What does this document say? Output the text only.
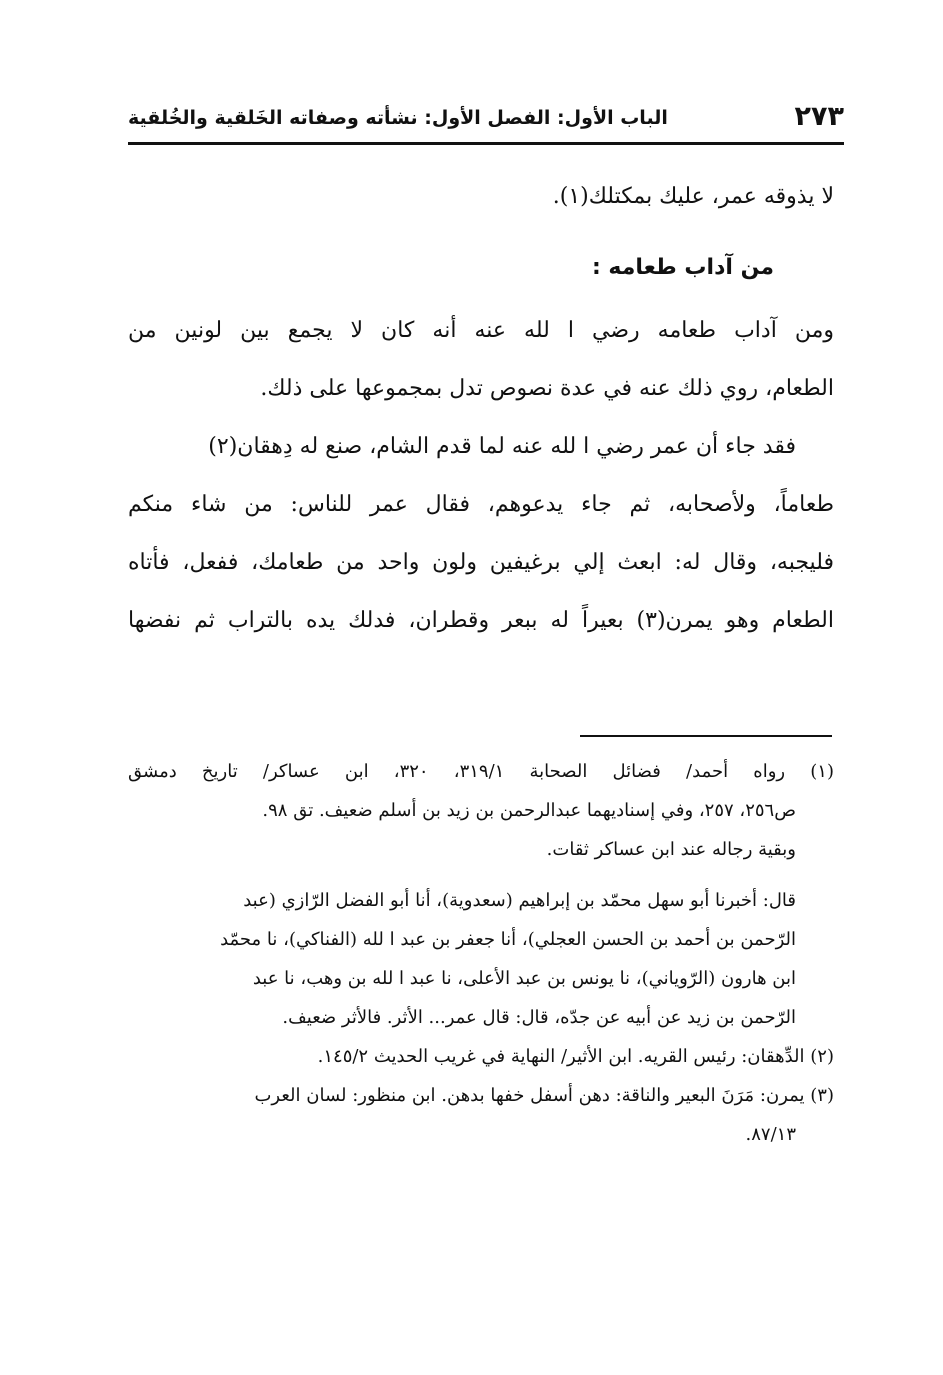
٢٧٣
الباب الأول: الفصل الأول: نشأته وصفاته الخَلقية والخُلقية

لا يذوقه عمر، عليك بمكتلك(١).

من آداب طعامه :

ومن آداب طعامه رضي ا لله عنه أنه كان لا يجمع بين لونين من

الطعام، روي ذلك عنه في عدة نصوص تدل بمجموعها على ذلك.

فقد جاء أن عمر رضي ا لله عنه لما قدم الشام، صنع له دِهقان(٢)

طعاماً، ولأصحابه، ثم جاء يدعوهم، فقال عمر للناس: من شاء منكم

فليجبه، وقال له: ابعث إلي برغيفين ولون واحد من طعامك، ففعل، فأتاه

الطعام وهو يمرن(٣) بعيراً له ببعر وقطران، فدلك يده بالتراب ثم نفضها

(١) رواه أحمد/ فضائل الصحابة ٣١٩/١، ٣٢٠، ابن عساكر/ تاريخ دمشق

ص٢٥٦، ٢٥٧، وفي إسناديهما عبدالرحمن بن زيد بن أسلم ضعيف. تق ٩٨.

وبقية رجاله عند ابن عساكر ثقات.

قال: أخبرنا أبو سهل محمّد بن إبراهيم (سعدوية)، أنا أبو الفضل الرّازي (عبد

الرّحمن بن أحمد بن الحسن العجلي)، أنا جعفر بن عبد ا لله (الفناكي)، نا محمّد

ابن هارون (الرّوياني)، نا يونس بن عبد الأعلى، نا عبد ا لله بن وهب، نا عبد

الرّحمن بن زيد عن أبيه عن جدّه، قال: قال عمر... الأثر. فالأثر ضعيف.

(٢) الدِّهقان: رئيس القريه. ابن الأثير/ النهاية في غريب الحديث ١٤٥/٢.

(٣) يمرن: مَرَنَ البعير والناقة: دهن أسفل خفها بدهن. ابن منظور: لسان العرب

٨٧/١٣.
